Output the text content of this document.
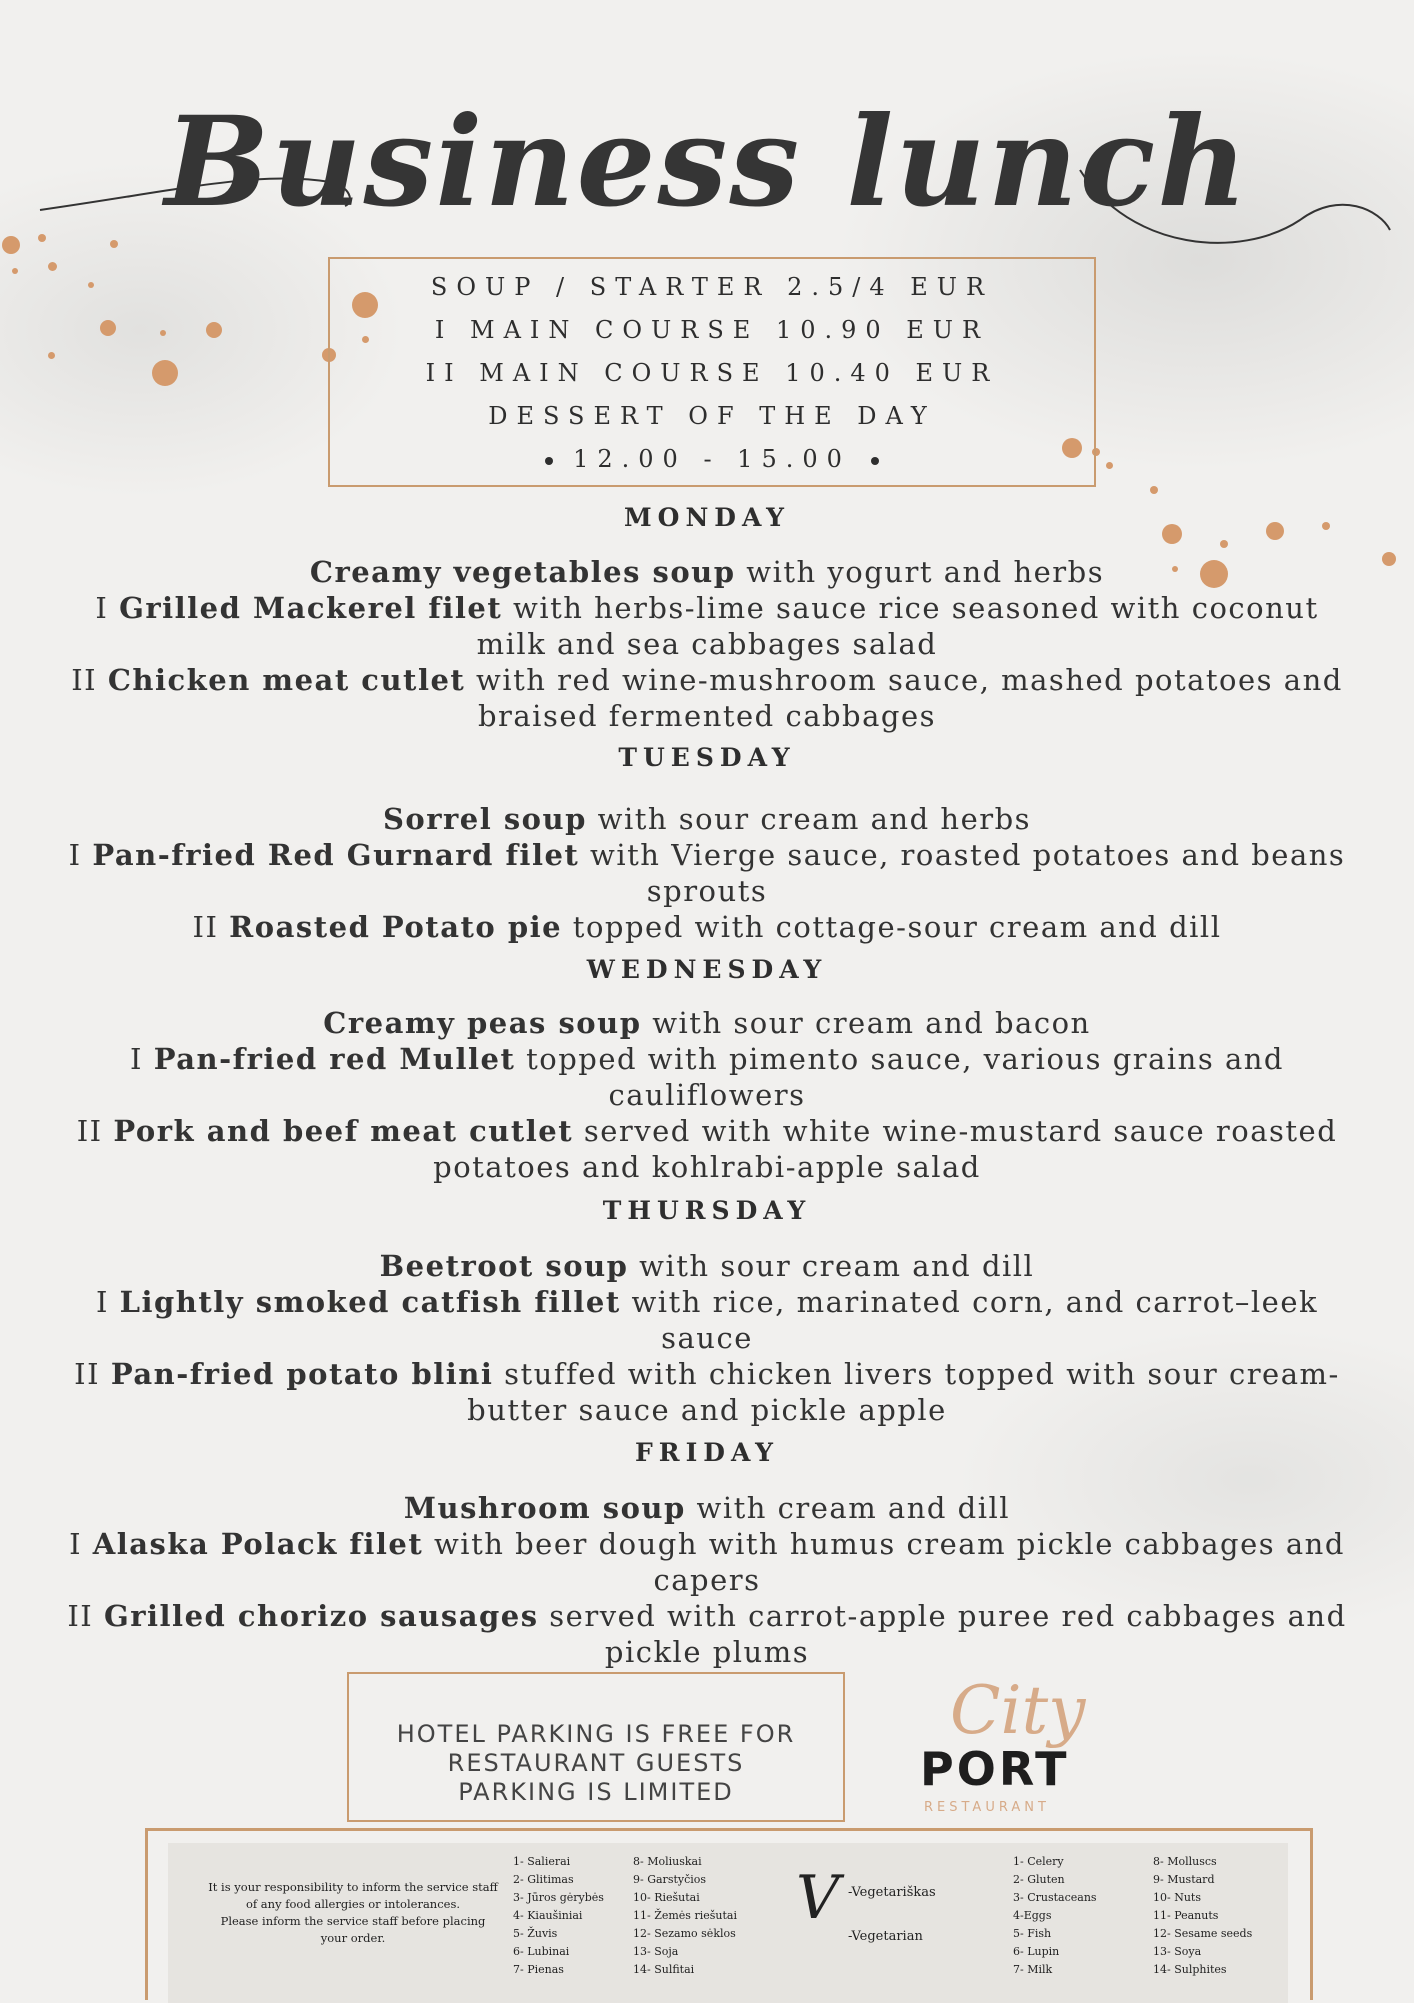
Business lunch
SOUP / STARTER 2.5/4 EUR
I MAIN COURSE 10.90 EUR
II MAIN COURSE 10.40 EUR
DESSERT OF THE DAY
12.00 - 15.00
MONDAY
Creamy vegetables soup with yogurt and herbs
I Grilled Mackerel filet with herbs-lime sauce rice seasoned with coconut milk and sea cabbages salad
II Chicken meat cutlet with red wine-mushroom sauce, mashed potatoes and braised fermented cabbages
TUESDAY
Sorrel soup with sour cream and herbs
I Pan-fried Red Gurnard filet with Vierge sauce, roasted potatoes and beans sprouts
II Roasted Potato pie topped with cottage-sour cream and dill
WEDNESDAY
Creamy peas soup with sour cream and bacon
I Pan-fried red Mullet topped with pimento sauce, various grains and cauliflowers
II Pork and beef meat cutlet served with white wine-mustard sauce roasted potatoes and kohlrabi-apple salad
THURSDAY
Beetroot soup with sour cream and dill
I Lightly smoked catfish fillet with rice, marinated corn, and carrot–leek sauce
II Pan-fried potato blini stuffed with chicken livers topped with sour cream-butter sauce and pickle apple
FRIDAY
Mushroom soup with cream and dill
I Alaska Polack filet with beer dough with humus cream pickle cabbages and capers
II Grilled chorizo sausages served with carrot-apple puree red cabbages and pickle plums
HOTEL PARKING IS FREE FOR
RESTAURANT GUESTS
PARKING IS LIMITED
City
PORT
RESTAURANT
It is your responsibility to inform the service staff
of any food allergies or intolerances.
Please inform the service staff before placing
your order.
1- Salierai
2- Glitimas
3- Jūros gėrybės
4- Kiaušiniai
5- Žuvis
6- Lubinai
7- Pienas
8- Moliuskai
9- Garstyčios
10- Riešutai
11- Žemės riešutai
12- Sezamo sėklos
13- Soja
14- Sulfitai
V -Vegetariškas
-Vegetarian
1- Celery
2- Gluten
3- Crustaceans
4-Eggs
5- Fish
6- Lupin
7- Milk
8- Molluscs
9- Mustard
10- Nuts
11- Peanuts
12- Sesame seeds
13- Soya
14- Sulphites
